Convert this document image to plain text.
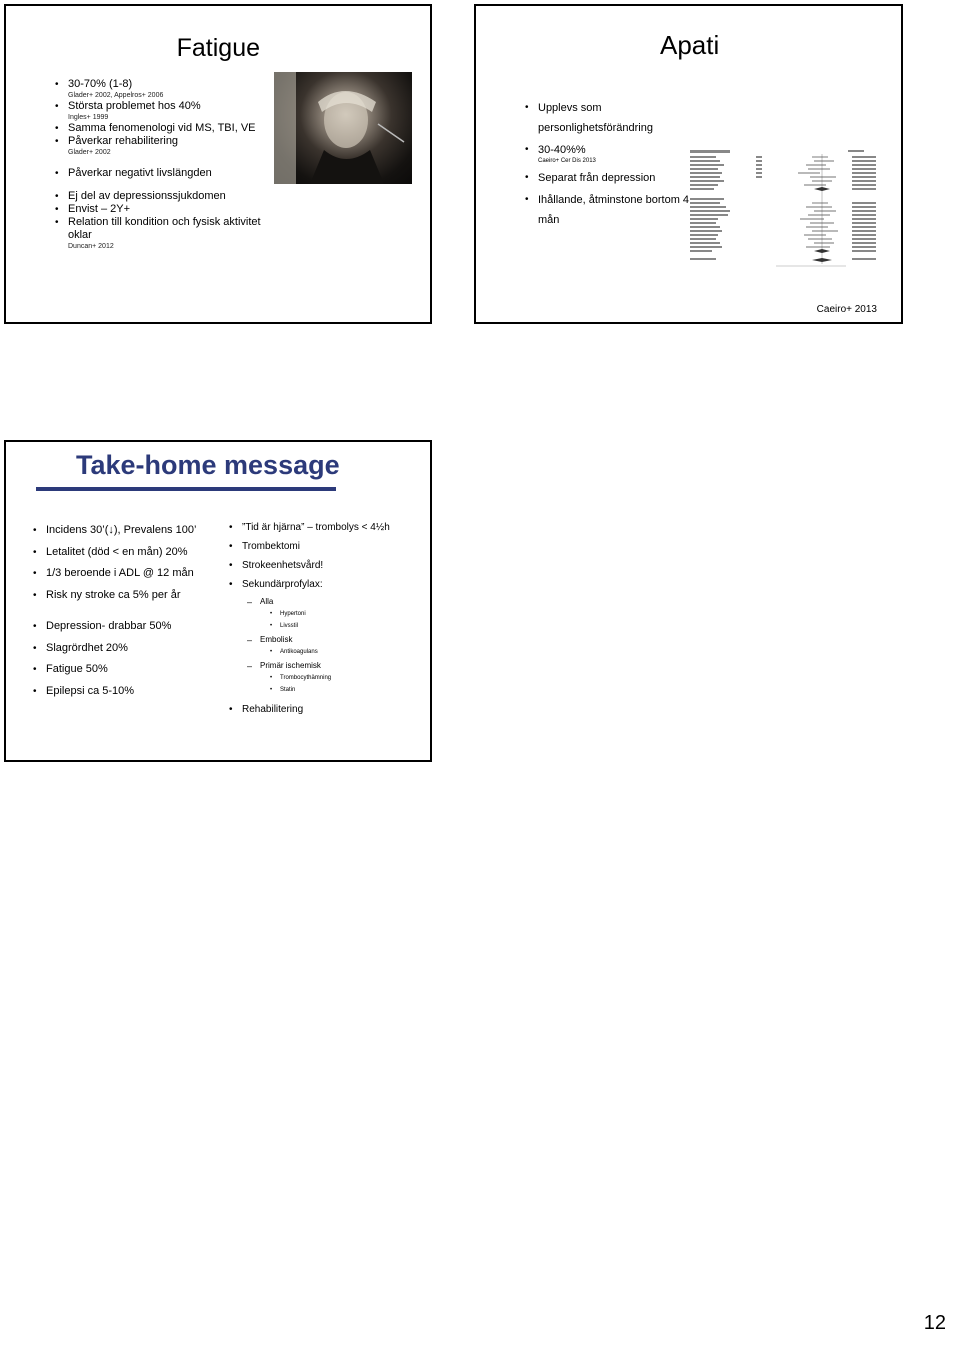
Fatigue
• 30-70% (1-8)
Glader+ 2002, Appelros+ 2006
• Största problemet hos 40%
Ingles+ 1999
• Samma fenomenologi vid MS, TBI, VE
• Påverkar rehabilitering
Glader+ 2002
• Påverkar negativt livslängden
• Ej del av depressionssjukdomen
• Envist – 2Y+
• Relation till kondition och fysisk aktivitet oklar
Duncan+ 2012
Apati
• Upplevs som personlighetsförändring
• 30-40%%
Caeiro+ Cer Dis 2013
• Separat från depression
• Ihållande, åtminstone bortom 4 mån
Caeiro+ 2013
Take-home message
• Incidens 30’(↓), Prevalens 100’
• Letalitet (död < en mån) 20%
• 1/3 beroende i ADL @ 12 mån
• Risk ny stroke ca 5% per år
• Depression- drabbar 50%
• Slagrördhet 20%
• Fatigue 50%
• Epilepsi ca 5-10%
• ”Tid är hjärna” – trombolys < 4½h
• Trombektomi
• Strokeenhetsvård!
• Sekundärprofylax:
– Alla
• Hypertoni
• Livsstil
– Embolisk
• Antikoagulans
– Primär ischemisk
• Trombocythämning
• Statin
• Rehabilitering
12
